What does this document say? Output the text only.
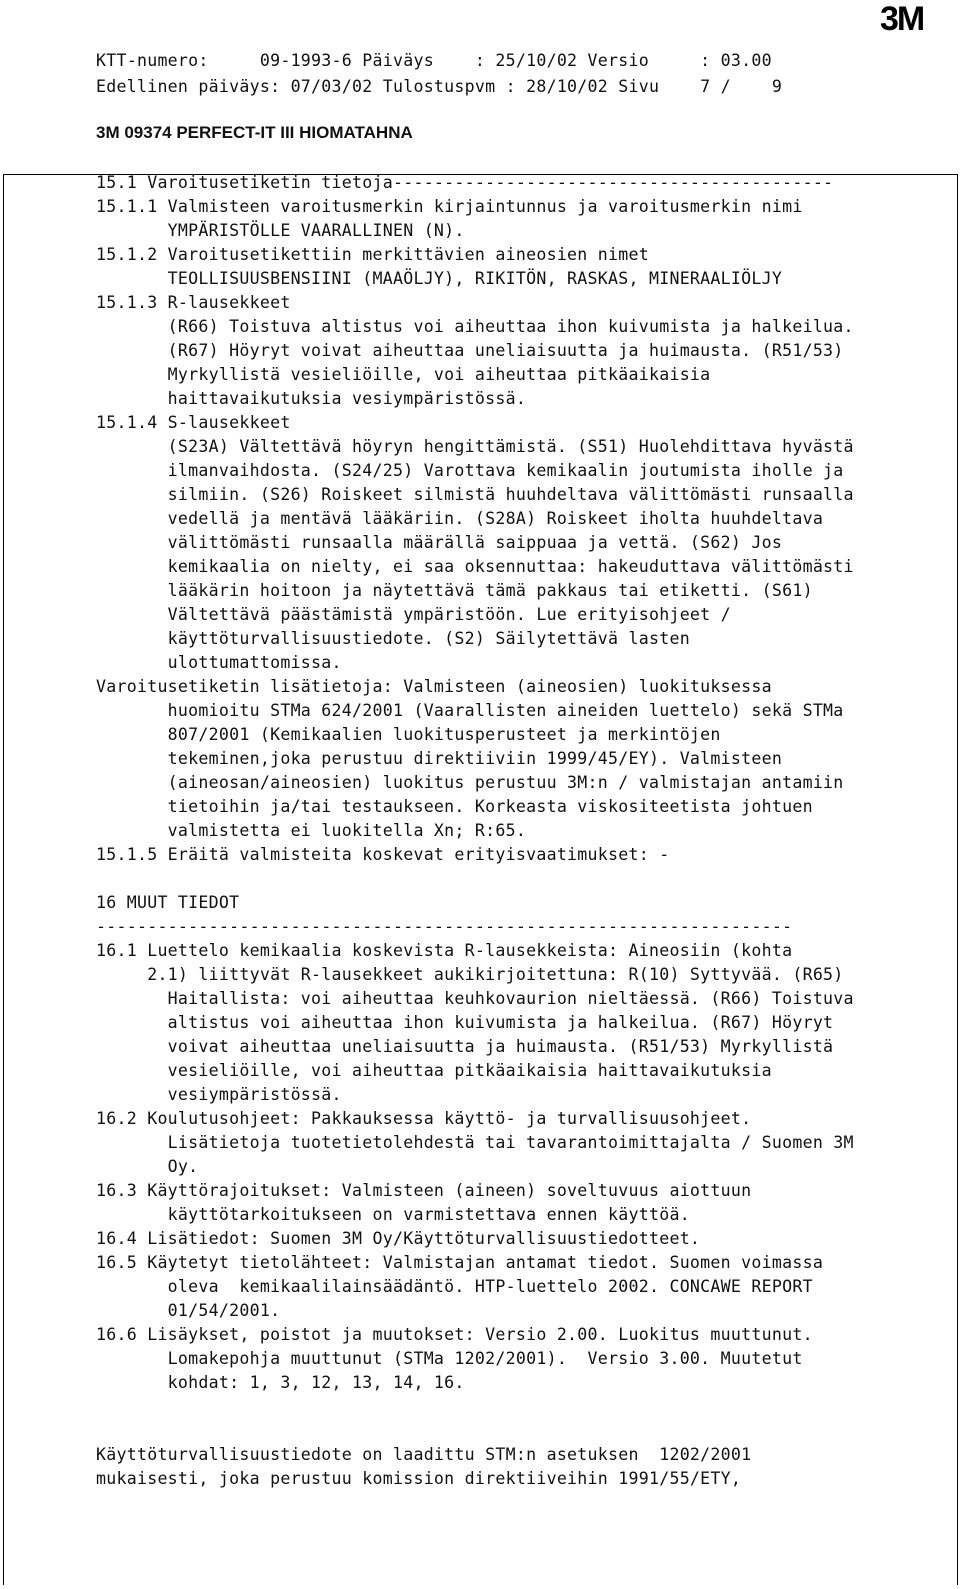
3M
KTT-numero:     09-1993-6 Päiväys    : 25/10/02 Versio     : 03.00
Edellinen päiväys: 07/03/02 Tulostuspvm : 28/10/02 Sivu    7 /    9
3M 09374 PERFECT-IT III HIOMATAHNA
15.1 Varoitusetiketin tietoja-------------------------------------------
15.1.1 Valmisteen varoitusmerkin kirjaintunnus ja varoitusmerkin nimi
YMPÄRISTÖLLE VAARALLINEN (N).
15.1.2 Varoitusetikettiin merkittävien aineosien nimet
TEOLLISUUSBENSIINI (MAAÖLJY), RIKITÖN, RASKAS, MINERAALIÖLJY
15.1.3 R-lausekkeet
(R66) Toistuva altistus voi aiheuttaa ihon kuivumista ja halkeilua.
(R67) Höyryt voivat aiheuttaa uneliaisuutta ja huimausta. (R51/53)
Myrkyllistä vesieliöille, voi aiheuttaa pitkäaikaisia
haittavaikutuksia vesiympäristössä.
15.1.4 S-lausekkeet
(S23A) Vältettävä höyryn hengittämistä. (S51) Huolehdittava hyvästä
ilmanvaihdosta. (S24/25) Varottava kemikaalin joutumista iholle ja
silmiin. (S26) Roiskeet silmistä huuhdeltava välittömästi runsaalla
vedellä ja mentävä lääkäriin. (S28A) Roiskeet iholta huuhdeltava
välittömästi runsaalla määrällä saippuaa ja vettä. (S62) Jos
kemikaalia on nielty, ei saa oksennuttaa: hakeuduttava välittömästi
lääkärin hoitoon ja näytettävä tämä pakkaus tai etiketti. (S61)
Vältettävä päästämistä ympäristöön. Lue erityisohjeet /
käyttöturvallisuustiedote. (S2) Säilytettävä lasten
ulottumattomissa.
Varoitusetiketin lisätietoja: Valmisteen (aineosien) luokituksessa
huomioitu STMa 624/2001 (Vaarallisten aineiden luettelo) sekä STMa
807/2001 (Kemikaalien luokitusperusteet ja merkintöjen
tekeminen,joka perustuu direktiiviin 1999/45/EY). Valmisteen
(aineosan/aineosien) luokitus perustuu 3M:n / valmistajan antamiin
tietoihin ja/tai testaukseen. Korkeasta viskositeetista johtuen
valmistetta ei luokitella Xn; R:65.
15.1.5 Eräitä valmisteita koskevat erityisvaatimukset: -
16 MUUT TIEDOT
--------------------------------------------------------------------
16.1 Luettelo kemikaalia koskevista R-lausekkeista: Aineosiin (kohta
2.1) liittyvät R-lausekkeet aukikirjoitettuna: R(10) Syttyvää. (R65)
Haitallista: voi aiheuttaa keuhkovaurion nieltäessä. (R66) Toistuva
altistus voi aiheuttaa ihon kuivumista ja halkeilua. (R67) Höyryt
voivat aiheuttaa uneliaisuutta ja huimausta. (R51/53) Myrkyllistä
vesieliöille, voi aiheuttaa pitkäaikaisia haittavaikutuksia
vesiympäristössä.
16.2 Koulutusohjeet: Pakkauksessa käyttö- ja turvallisuusohjeet.
Lisätietoja tuotetietolehdestä tai tavarantoimittajalta / Suomen 3M
Oy.
16.3 Käyttörajoitukset: Valmisteen (aineen) soveltuvuus aiottuun
käyttötarkoitukseen on varmistettava ennen käyttöä.
16.4 Lisätiedot: Suomen 3M Oy/Käyttöturvallisuustiedotteet.
16.5 Käytetyt tietolähteet: Valmistajan antamat tiedot. Suomen voimassa
oleva  kemikaalilainsäädäntö. HTP-luettelo 2002. CONCAWE REPORT
01/54/2001.
16.6 Lisäykset, poistot ja muutokset: Versio 2.00. Luokitus muuttunut.
Lomakepohja muuttunut (STMa 1202/2001).  Versio 3.00. Muutetut
kohdat: 1, 3, 12, 13, 14, 16.
Käyttöturvallisuustiedote on laadittu STM:n asetuksen  1202/2001
mukaisesti, joka perustuu komission direktiiveihin 1991/55/ETY,
